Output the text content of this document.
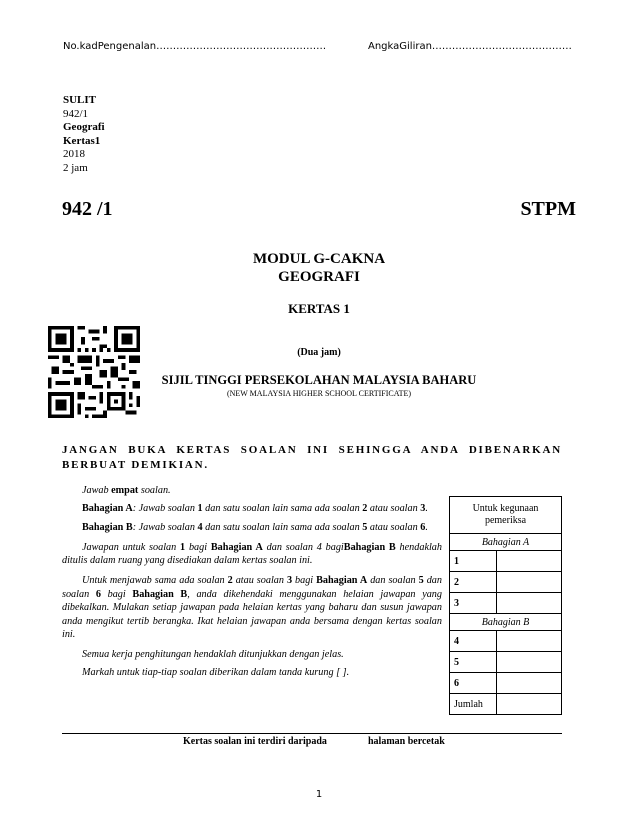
No.kadPengenalan……………………………………………	AngkaGiliran……………………………………
SULIT
942/1
Geografi
Kertas1
2018
2 jam
942 /1	STPM
MODUL G-CAKNA
GEOGRAFI
KERTAS 1
(Dua jam)
SIJIL TINGGI PERSEKOLAHAN MALAYSIA BAHARU
(NEW MALAYSIA HIGHER SCHOOL CERTIFICATE)
JANGAN BUKA KERTAS SOALAN INI SEHINGGA ANDA DIBENARKAN BERBUAT DEMIKIAN.

Jawab empat soalan.

Bahagian A: Jawab soalan 1 dan satu soalan lain sama ada soalan 2 atau soalan 3.

Bahagian B: Jawab soalan 4 dan satu soalan lain sama ada soalan 5 atau soalan 6.

Jawapan untuk soalan 1 bagi Bahagian A dan soalan 4 bagiBahagian B hendaklah ditulis dalam ruang yang disediakan dalam kertas soalan ini.

Untuk menjawab sama ada soalan 2 atau soalan 3 bagi Bahagian A dan soalan 5 dan soalan 6 bagi Bahagian B, anda dikehendaki menggunakan helaian jawapan yang dibekalkan. Mulakan setiap jawapan pada helaian kertas yang baharu dan susun jawapan anda mengikut tertib berangka. Ikat helaian jawapan anda bersama dengan kertas soalan ini.

Semua kerja penghitungan hendaklah ditunjukkan dengan jelas.

Markah untuk tiap-tiap soalan diberikan dalam tanda kurung [ ].

Untuk kegunaan pemeriksa	
Bahagian A	
1	
2	
3	
Bahagian B	
4	
5	
6	
Jumlah	
Kertas soalan ini terdiri daripada	halaman bercetak
1
